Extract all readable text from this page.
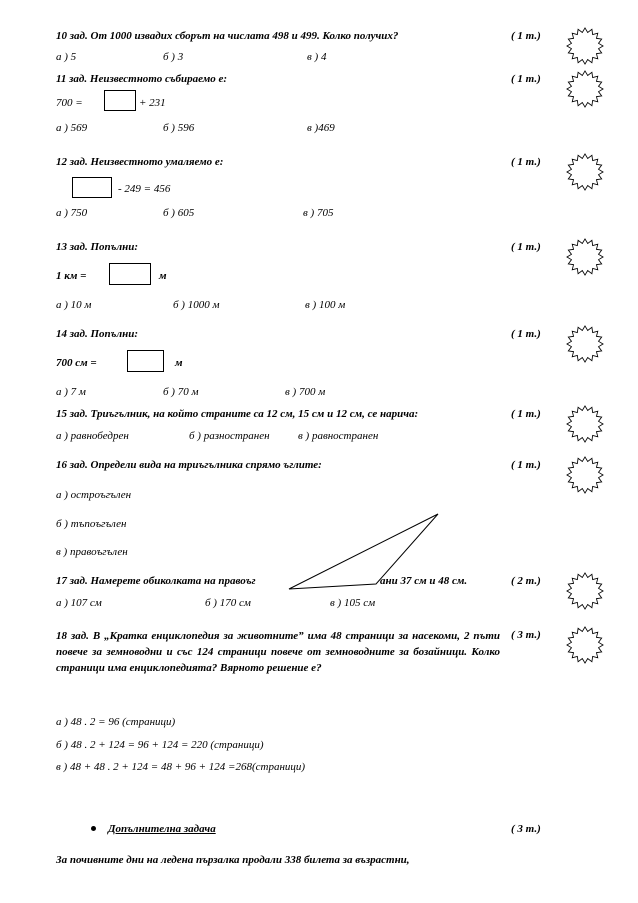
10 зад. От 1000 извадих сборът на числата 498 и 499. Колко получих?	( 1 т.)
а ) 5	б ) 3	в ) 4
11 зад. Неизвестното събираемо е:	( 1 т.)
700 =	+ 231
а ) 569	б ) 596	в )469
12 зад. Неизвестното умаляемо е:	( 1 т.)
- 249 = 456
а ) 750	б ) 605	в ) 705
13 зад. Попълни:	( 1 т.)
1 км =	м
а ) 10 м	б ) 1000 м	в ) 100 м
14 зад. Попълни:	( 1 т.)
700 см =	м
а ) 7 м	б ) 70 м	в ) 700 м
15 зад. Триъгълник, на който страните са 12 см, 15 см и 12 см, се нарича:	( 1 т.)
а ) равнобедрен	б ) разностранен	в ) равностранен
16 зад. Определи вида на триъгълника спрямо ъглите:	( 1 т.)
а ) остроъгълен
б ) тъпоъгълен
в ) правоъгълен
17 зад. Намерете обиколката на правоъг	ани 37 см и 48 см.	( 2 т.)
а ) 107 см	б ) 170 см	в ) 105 см
18 зад. В „Кратка енциклопедия за животните” има 48 страници за насекоми, 2 пъти повече за земноводни и със 124 страници повече от земноводните за бозайници. Колко страници има енциклопедията? Вярното решение е?
( 3 т.)
а ) 48 . 2 = 96 (страници)
б ) 48 . 2 + 124 = 96 + 124 = 220 (страници)
в ) 48 + 48 . 2 + 124 = 48 + 96 + 124 =268(страници)
Допълнителна задача	( 3 т.)
За почивните дни на ледена пързалка продали 338 билета за възрастни,
